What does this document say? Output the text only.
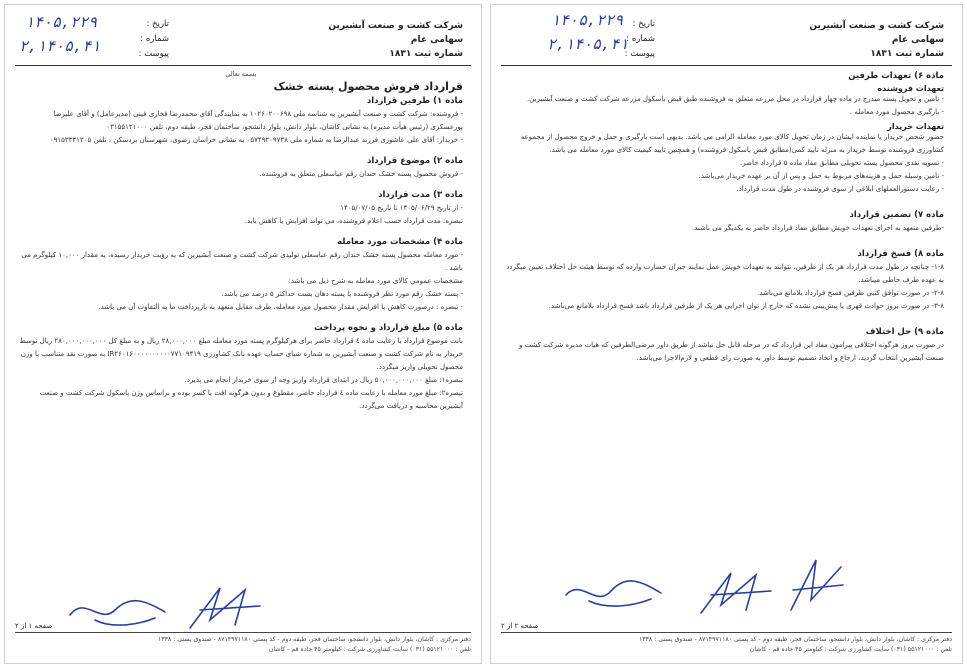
شرکت کشت و صنعت آبشیرین
سهامی عام
شماره ثبت ۱۸۳۱
تاریخ :
شماره :
پیوست :
۱۴۰۵,۲۲۹
۲,۱۴۰۵,۴۱
بسمه تعالی
قرارداد فروش محصول پسته خشک
ماده ۱) طرفین قرارداد
- فروشنده: شرکت کشت و صنعت آبشیرین به شناسه ملی ۱۰۲۶۰۲۰۰۶۹۸ به نمایندگی آقای محمدرضا فخاری فینی (مدیرعامل) و آقای علیرضا پورعسکری (رئیس هیأت مدیره) به نشانی کاشان، بلوار دانش، بلوار دانشجو، ساختمان فجر، طبقه دوم، تلفن ۰۳۱۵۵۱۲۱۰۰۰
- خریدار: آقای علی عاشوری فرزند عبدالرضا به شماره ملی ۰۵۷۲۹۲۰۹۷۳۸ به نشانی خراسان رضوی، شهرستان بردسکن ، تلفن ۰۹۱۵۳۳۳۱۲۰۵
ماده ۲) موضوع قرارداد
- فروش محصول پسته خشک خندان رقم عباسعلی متعلق به فروشنده.
ماده ۳) مدت قرارداد
- از تاریخ ۱۴۰۵/۰۶/۲۹ تا تاریخ ۱۴۰۵/۰۷/۰۵
تبصره: مدت قرارداد حسب اعلام فروشنده، می تواند افزایش یا کاهش یابد.
ماده ۴) مشخصات مورد معامله
- مورد معامله محصول پسته خشک خندان رقم عباسعلی تولیدی شرکت کشت و صنعت آبشیرین که به رؤیت خریدار رسیده، به مقدار ۱۰,۰۰۰ کیلوگرم می باشد .
مشخصات عمومی کالای مورد معامله به شرح ذیل می باشد:
- پسته خشک رقم مورد نظر فروشنده با پسته دهان بست حداکثر ۵ درصد می باشد.
- تبصره : درصورت کاهش یا افزایش مقدار محصول مورد معامله، طرف مقابل متعهد به بازپرداخت ما به التفاوت آن می باشد.
ماده ۵) مبلغ قرارداد و نحوه پرداخت
بابت موضوع قرارداد با رعایت ماده ٤ قرارداد حاضر برای هرکیلوگرم پسته مورد معامله مبلغ ۲۸,۰۰۰,۰۰۰ ریال و به مبلغ کل ۲۸۰,۰۰۰,۰۰۰,۰۰۰ ریال توسط خریدار به نام شرکت کشت و صنعت آبشیرین به شماره شبای حساب عهده بانک کشاورزی IR۲۶۰۱۶۰۰۰۰۰۰۰۰۰۰۷۷۱۰۹۴۱۹ به صورت نقد متناسب با وزن محصول تحویلی واریز میگردد.
تبصره۱: مبلغ ۵۰,۰۰۰,۰۰۰,۰۰۰ ریال در ابتدای قرارداد واریز وجه از سوی خریدار انجام می پذیرد.
تبصره۲: مبلغ مورد معامله با رعایت ماده ٤ قرارداد حاضر، مقطوع و بدون هرگونه افت یا کسر بوده و براساس وزن باسکول شرکت کشت و صنعت آبشیرین محاسبه و دریافت می‌گردد.
صفحه ۱ از ۲
دفتر مرکزی : کاشان، بلوار دانش، بلوار دانشجو، ساختمان فجر، طبقه دوم - کد پستی ۸۷۱۴۹۷۱۱۸۰ - صندوق پستی : ۱۳۳۸
تلفن : ۵۵۱۲۱۰۰۰ (۰۳۱) سایت کشاورزی شرکت : کیلومتر ۴۵ جاده قم - کاشان
شرکت کشت و صنعت آبشیرین
سهامی عام
شماره ثبت ۱۸۳۱
تاریخ :
شماره :
پیوست :
۱۴۰۵,۲۲۹
۲,۱۴۰۵,۴۱
ماده ۶) تعهدات طرفین
تعهدات فروشنده
- تامین و تحویل پسته مندرج در ماده چهار قرارداد در محل مزرعه متعلق به فروشنده طبق قبض باسکول مزرعه شرکت کشت و صنعت آبشیرین.
- بارگیری محصول مورد معامله .
تعهدات خریدار
حضور شخص خریدار یا نماینده ایشان در زمان تحویل کالای مورد معامله الزامی می باشد. بدیهی است بارگیری و حمل و خروج محصول از مجموعه کشاورزی فروشنده توسط خریدار به منزله تایید کمی(مطابق قبض باسکول فروشنده) و همچنین تایید کیفیت کالای مورد معامله می باشد.
- تسویه نقدی محصول پسته تحویلی مطابق مفاد ماده ۵ قرارداد حاضر.
- تامین وسیله حمل و هزینه‌های مربوط به حمل و پس از آن بر عهده خریدار می‌باشد.
- رعایت دستورالعملهای ابلاغی از سوی فروشنده در طول مدت قرارداد.
ماده ۷) تضمین قرارداد
-طرفین متعهد به اجرای تعهدات خویش مطابق مفاد قرارداد حاضر به یکدیگر می باشند.
ماده ۸) فسخ قرارداد
۱-۸- چنانچه در طول مدت قرارداد هر یک از طرفین، نتوانند به تعهدات خویش عمل نمایند جبران خسارت وارده که توسط هیئت حل اختلاف تعیین میگردد به عهده طرف خاطی میباشد.
۲-۸- در صورت توافق کتبی طرفین فسخ قرارداد بلامانع می‌باشد.
۳-۸- در صورت بروز حوادث قهری یا پیش‌بینی نشده که خارج از توان اجرایی هر یک از طرفین قرارداد باشد فسخ قرارداد بلامانع می‌باشد.
ماده ۹) حل اختلاف
در صورت بروز هرگونه اختلافی پیرامون مفاد این قرارداد که در مرحله قابل حل نباشد از طریق داور مرضی‌الطرفین که هیات مدیره شرکت کشت و صنعت آبشیرین انتخاب گردید، ارجاع و اتخاذ تصمیم توسط داور به صورت رای قطعی و لازم‌الاجرا می‌باشد.
صفحه ۲ از ۲
دفتر مرکزی : کاشان، بلوار دانش، بلوار دانشجو، ساختمان فجر، طبقه دوم - کد پستی ۸۷۱۴۹۷۱۱۸۰ - صندوق پستی : ۱۳۳۸
تلفن : ۵۵۱۲۱۰۰۰ (۰۳۱) سایت کشاورزی شرکت : کیلومتر ۴۵ جاده قم - کاشان
